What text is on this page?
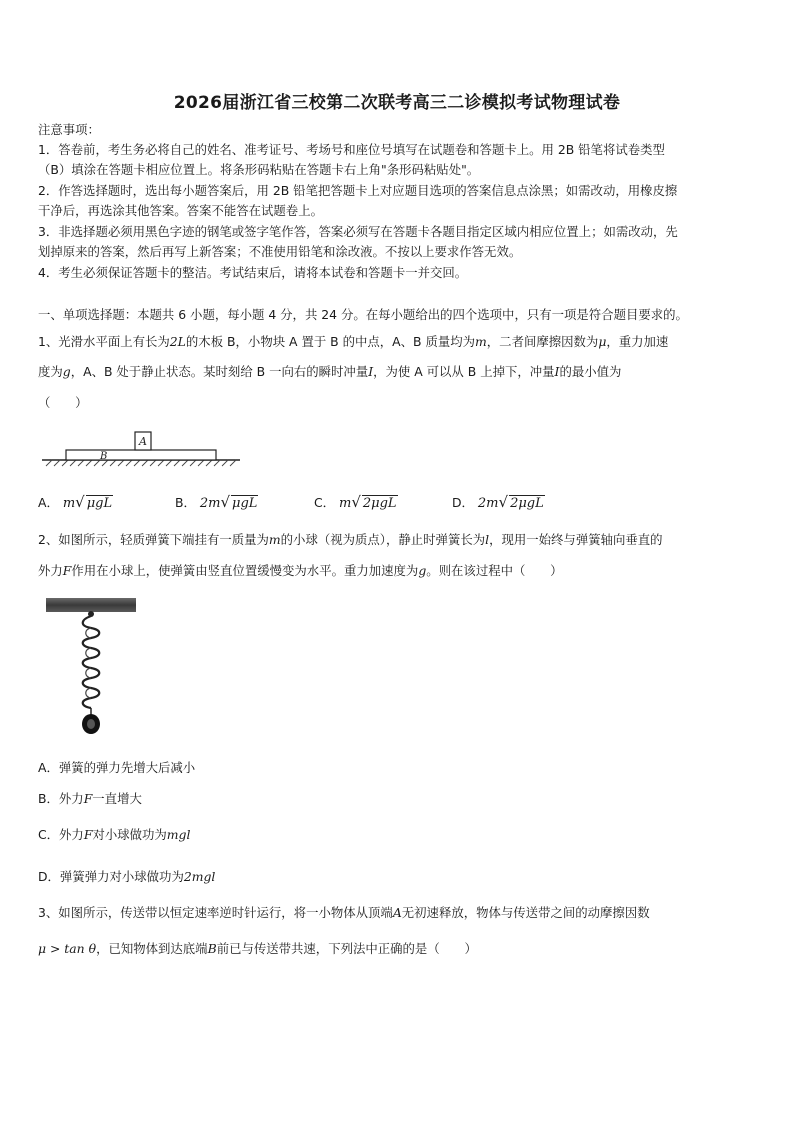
2026届浙江省三校第二次联考高三二诊模拟考试物理试卷
注意事项：
1．答卷前，考生务必将自己的姓名、准考证号、考场号和座位号填写在试题卷和答题卡上。用 2B 铅笔将试卷类型
（B）填涂在答题卡相应位置上。将条形码粘贴在答题卡右上角"条形码粘贴处"。
2．作答选择题时，选出每小题答案后，用 2B 铅笔把答题卡上对应题目选项的答案信息点涂黑；如需改动，用橡皮擦
干净后，再选涂其他答案。答案不能答在试题卷上。
3．非选择题必须用黑色字迹的钢笔或签字笔作答，答案必须写在答题卡各题目指定区域内相应位置上；如需改动，先
划掉原来的答案，然后再写上新答案；不准使用铅笔和涂改液。不按以上要求作答无效。
4．考生必须保证答题卡的整洁。考试结束后，请将本试卷和答题卡一并交回。
一、单项选择题：本题共 6 小题，每小题 4 分，共 24 分。在每小题给出的四个选项中，只有一项是符合题目要求的。
1、光滑水平面上有长为2L的木板 B，小物块 A 置于 B 的中点，A、B 质量均为m，二者间摩擦因数为μ，重力加速
度为g，A、B 处于静止状态。某时刻给 B 一向右的瞬时冲量I，为使 A 可以从 B 上掉下，冲量I的最小值为
（　　）
B
A
A． m√ μgL	B． 2m√ μgL	C． m√ 2μgL	D． 2m√ 2μgL
2、如图所示，轻质弹簧下端挂有一质量为m的小球（视为质点），静止时弹簧长为l，现用一始终与弹簧轴向垂直的
外力F作用在小球上，使弹簧由竖直位置缓慢变为水平。重力加速度为g。则在该过程中（　　）
A．弹簧的弹力先增大后减小
B．外力F一直增大
C．外力F对小球做功为mgl
D．弹簧弹力对小球做功为2mgl
3、如图所示，传送带以恒定速率逆时针运行，将一小物体从顶端A无初速释放，物体与传送带之间的动摩擦因数
μ > tan θ，已知物体到达底端B前已与传送带共速，下列法中正确的是（　　）
